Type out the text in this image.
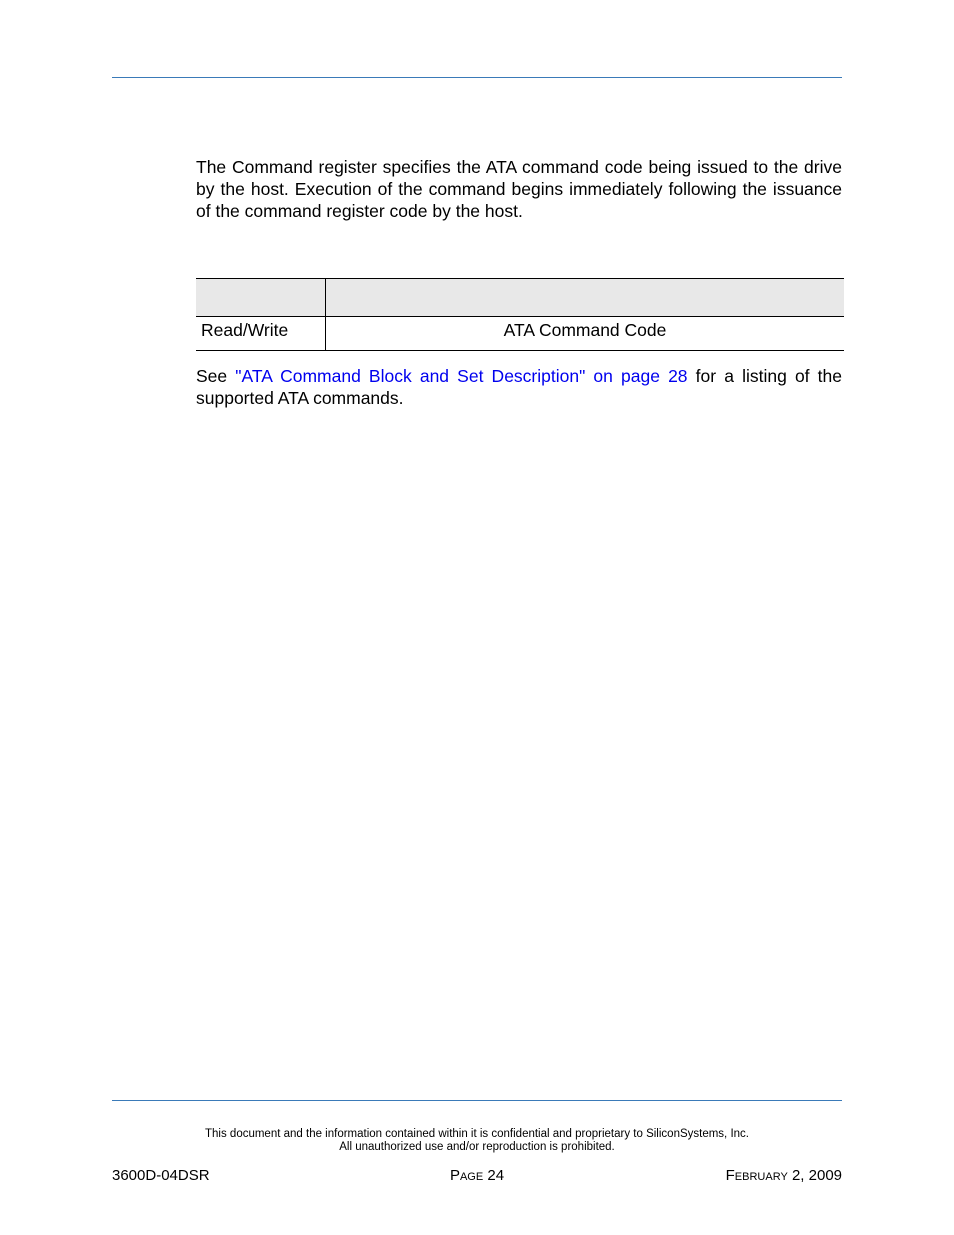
The Command register specifies the ATA command code being issued to the drive by the host. Execution of the command begins immediately following the issuance of the command register code by the host.

Read/Write	ATA Command Code

See "ATA Command Block and Set Description" on page 28 for a listing of the supported ATA commands.

This document and the information contained within it is confidential and proprietary to SiliconSystems, Inc.
All unauthorized use and/or reproduction is prohibited.
3600D-04DSR	Page 24	February 2, 2009
